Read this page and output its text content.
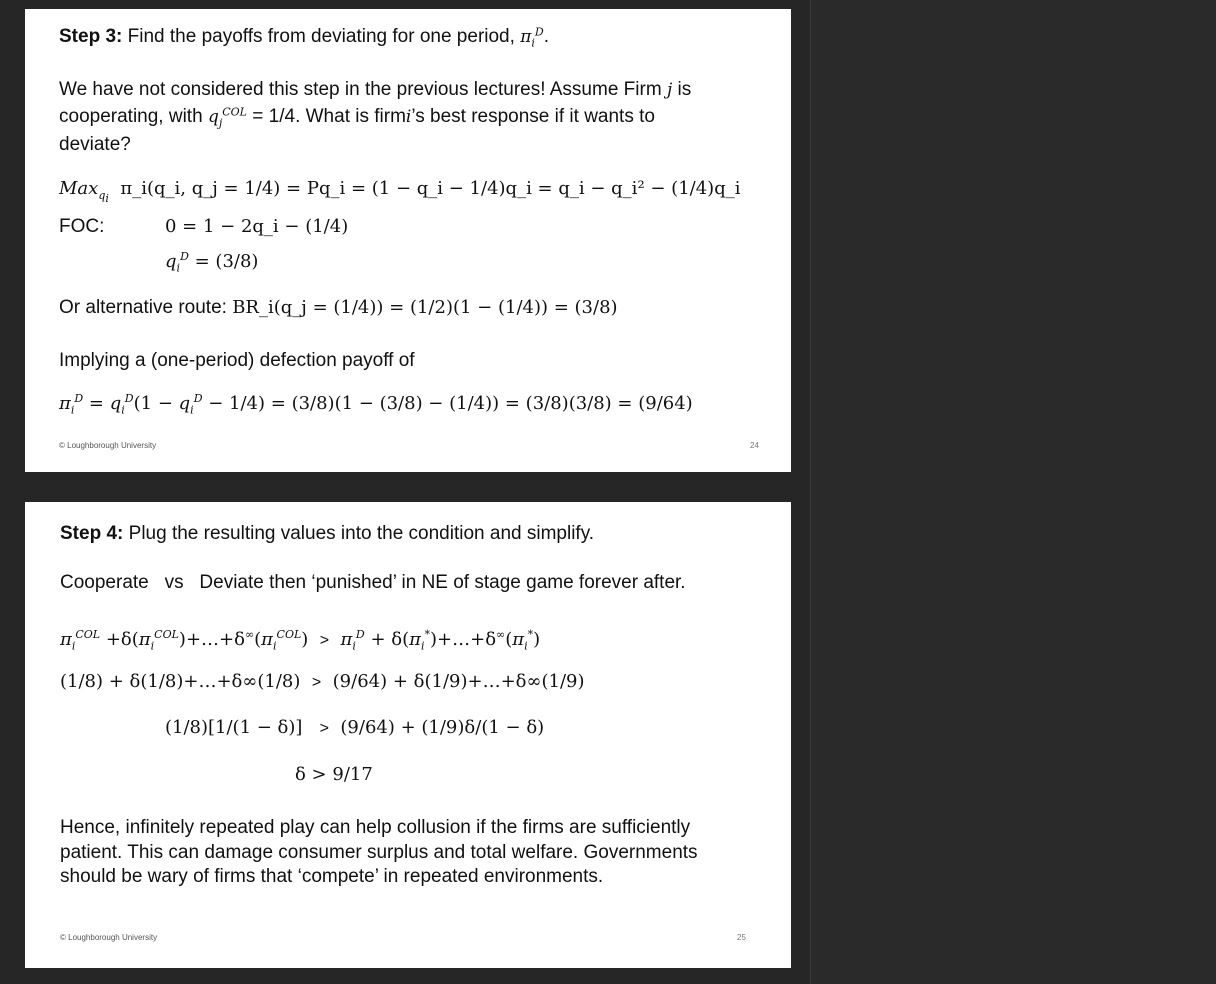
Step 3: Find the payoffs from deviating for one period, $\pi_i^D$.
We have not considered this step in the previous lectures! Assume Firm j is
cooperating, with $q_j^{COL} = 1/4$. What is firmi’s best response if it wants to
deviate?
Max$_{q_i}$ π_i(q_i, q_j = 1/4) = Pq_i = (1 − q_i − 1/4)q_i = q_i − q_i² − (1/4)q_i
FOC:	0 = 1 − 2q_i − (1/4)
$q_i^D = (3/8)$
Or alternative route: BR_i(q_j = (1/4)) = (1/2)(1 − (1/4)) = (3/8)
Implying a (one-period) defection payoff of
$\pi_i^D = q_i^D(1 - q_i^D - 1/4) = (3/8)(1 - (3/8) - (1/4)) = (3/8)(3/8) = (9/64)$
© Loughborough University	24
Step 4: Plug the resulting values into the condition and simplify.
Cooperate   vs   Deviate then ‘punished’ in NE of stage game forever after.
$\pi_i^{COL}$ $+\delta(\pi_i^{COL})+\dots+\delta^\infty(\pi_i^{COL}) > \pi_i^D$ + $\delta(\pi_i^*)+\dots+\delta^\infty(\pi_i^*)$
(1/8) + δ(1/8)+…+δ∞(1/8) > (9/64) + δ(1/9)+…+δ∞(1/9)
(1/8)[1/(1 − δ)] > (9/64) + (1/9)δ/(1 − δ)
δ > 9/17
Hence, infinitely repeated play can help collusion if the firms are sufficiently
patient. This can damage consumer surplus and total welfare. Governments
should be wary of firms that ‘compete’ in repeated environments.
© Loughborough University	25
